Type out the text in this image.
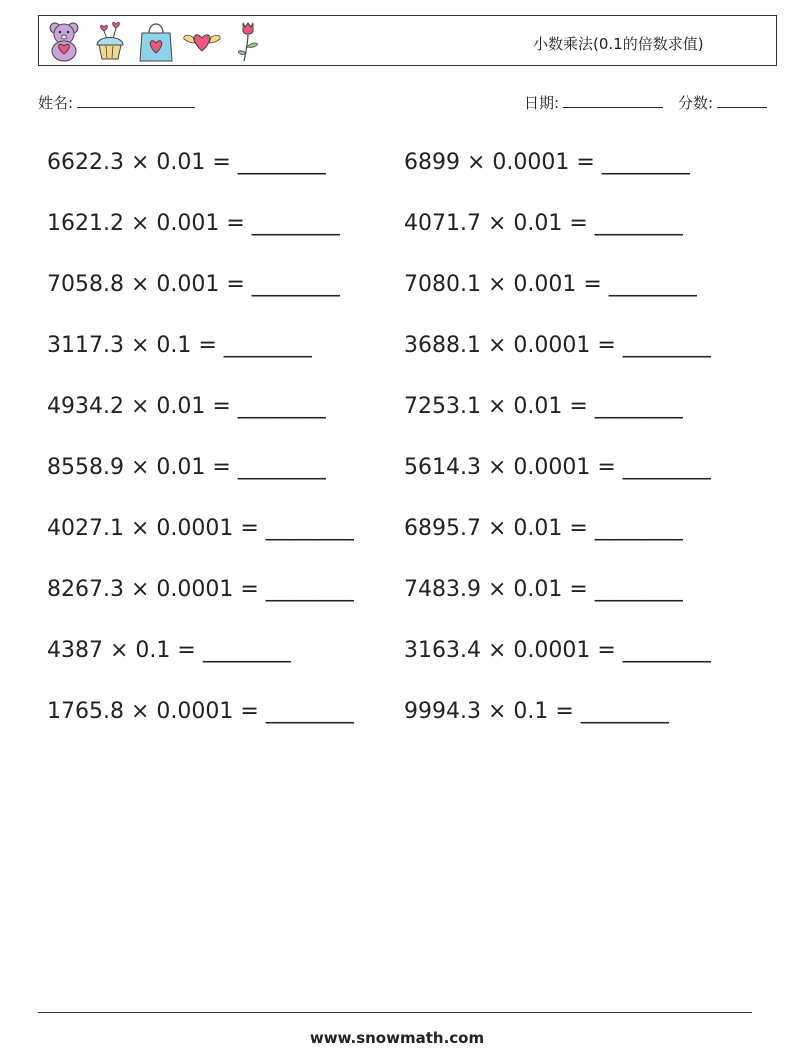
小数乘法(0.1的倍数求值)
姓名:	日期:	分数:
6622.3 × 0.01 = ________	6899 × 0.0001 = ________
1621.2 × 0.001 = ________	4071.7 × 0.01 = ________
7058.8 × 0.001 = ________	7080.1 × 0.001 = ________
3117.3 × 0.1 = ________	3688.1 × 0.0001 = ________
4934.2 × 0.01 = ________	7253.1 × 0.01 = ________
8558.9 × 0.01 = ________	5614.3 × 0.0001 = ________
4027.1 × 0.0001 = ________ 6895.7 × 0.01 = ________
8267.3 × 0.0001 = ________ 7483.9 × 0.01 = ________
4387 × 0.1 = ________	3163.4 × 0.0001 = ________
1765.8 × 0.0001 = ________ 9994.3 × 0.1 = ________
www.snowmath.com
